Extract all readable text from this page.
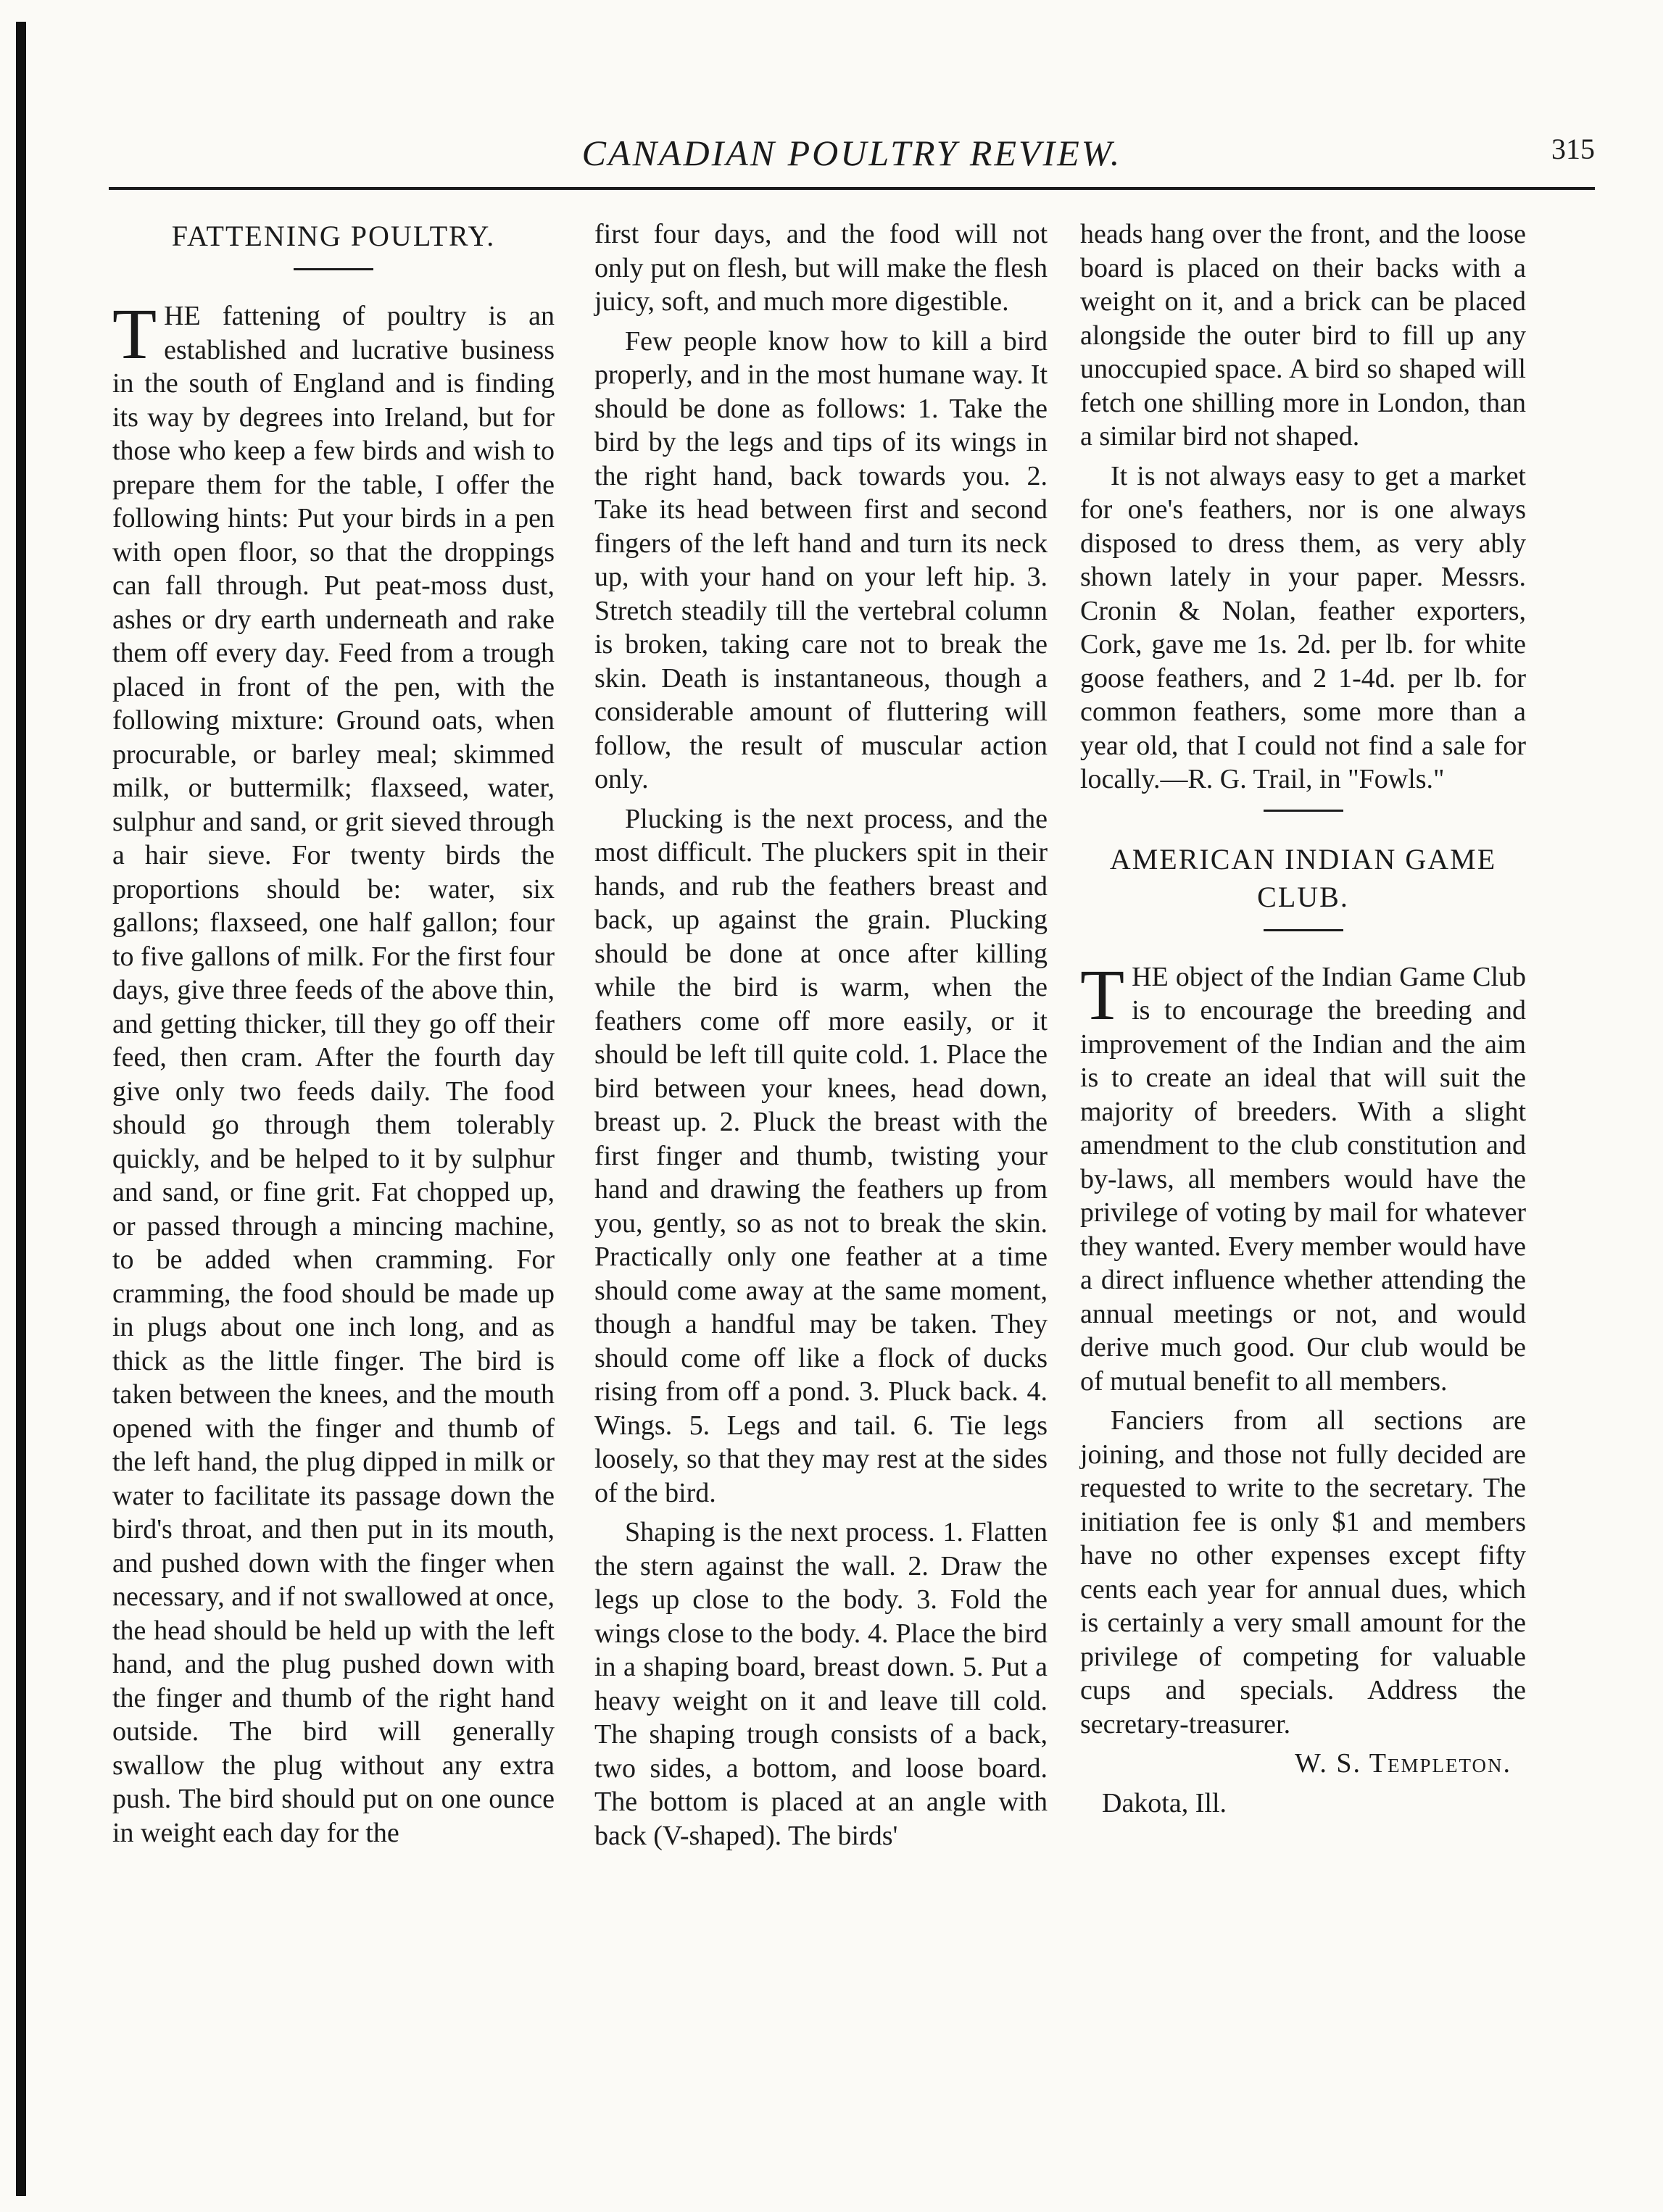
CANADIAN POULTRY REVIEW.	315
FATTENING POULTRY.

THE fattening of poultry is an established and lucrative business in the south of England and is finding its way by degrees into Ireland, but for those who keep a few birds and wish to prepare them for the table, I offer the following hints: Put your birds in a pen with open floor, so that the droppings can fall through. Put peat-moss dust, ashes or dry earth underneath and rake them off every day. Feed from a trough placed in front of the pen, with the following mixture: Ground oats, when procurable, or barley meal; skimmed milk, or buttermilk; flaxseed, water, sulphur and sand, or grit sieved through a hair sieve. For twenty birds the proportions should be: water, six gallons; flaxseed, one half gallon; four to five gallons of milk. For the first four days, give three feeds of the above thin, and getting thicker, till they go off their feed, then cram. After the fourth day give only two feeds daily. The food should go through them tolerably quickly, and be helped to it by sulphur and sand, or fine grit. Fat chopped up, or passed through a mincing machine, to be added when cramming. For cramming, the food should be made up in plugs about one inch long, and as thick as the little finger. The bird is taken between the knees, and the mouth opened with the finger and thumb of the left hand, the plug dipped in milk or water to facilitate its passage down the bird's throat, and then put in its mouth, and pushed down with the finger when necessary, and if not swallowed at once, the head should be held up with the left hand, and the plug pushed down with the finger and thumb of the right hand outside. The bird will generally swallow the plug without any extra push. The bird should put on one ounce in weight each day for the

first four days, and the food will not only put on flesh, but will make the flesh juicy, soft, and much more digestible.

Few people know how to kill a bird properly, and in the most humane way. It should be done as follows: 1. Take the bird by the legs and tips of its wings in the right hand, back towards you. 2. Take its head between first and second fingers of the left hand and turn its neck up, with your hand on your left hip. 3. Stretch steadily till the vertebral column is broken, taking care not to break the skin. Death is instantaneous, though a considerable amount of fluttering will follow, the result of muscular action only.

Plucking is the next process, and the most difficult. The pluckers spit in their hands, and rub the feathers breast and back, up against the grain. Plucking should be done at once after killing while the bird is warm, when the feathers come off more easily, or it should be left till quite cold. 1. Place the bird between your knees, head down, breast up. 2. Pluck the breast with the first finger and thumb, twisting your hand and drawing the feathers up from you, gently, so as not to break the skin. Practically only one feather at a time should come away at the same moment, though a handful may be taken. They should come off like a flock of ducks rising from off a pond. 3. Pluck back. 4. Wings. 5. Legs and tail. 6. Tie legs loosely, so that they may rest at the sides of the bird.

Shaping is the next process. 1. Flatten the stern against the wall. 2. Draw the legs up close to the body. 3. Fold the wings close to the body. 4. Place the bird in a shaping board, breast down. 5. Put a heavy weight on it and leave till cold. The shaping trough consists of a back, two sides, a bottom, and loose board. The bottom is placed at an angle with back (V-shaped). The birds'

heads hang over the front, and the loose board is placed on their backs with a weight on it, and a brick can be placed alongside the outer bird to fill up any unoccupied space. A bird so shaped will fetch one shilling more in London, than a similar bird not shaped.

It is not always easy to get a market for one's feathers, nor is one always disposed to dress them, as very ably shown lately in your paper. Messrs. Cronin & Nolan, feather exporters, Cork, gave me 1s. 2d. per lb. for white goose feathers, and 2 1-4d. per lb. for common feathers, some more than a year old, that I could not find a sale for locally.—R. G. Trail, in "Fowls."

AMERICAN INDIAN GAME CLUB.

THE object of the Indian Game Club is to encourage the breeding and improvement of the Indian and the aim is to create an ideal that will suit the majority of breeders. With a slight amendment to the club constitution and by-laws, all members would have the privilege of voting by mail for whatever they wanted. Every member would have a direct influence whether attending the annual meetings or not, and would derive much good. Our club would be of mutual benefit to all members.

Fanciers from all sections are joining, and those not fully decided are requested to write to the secretary. The initiation fee is only $1 and members have no other expenses except fifty cents each year for annual dues, which is certainly a very small amount for the privilege of competing for valuable cups and specials. Address the secretary-treasurer.

W. S. Templeton.
Dakota, Ill.
